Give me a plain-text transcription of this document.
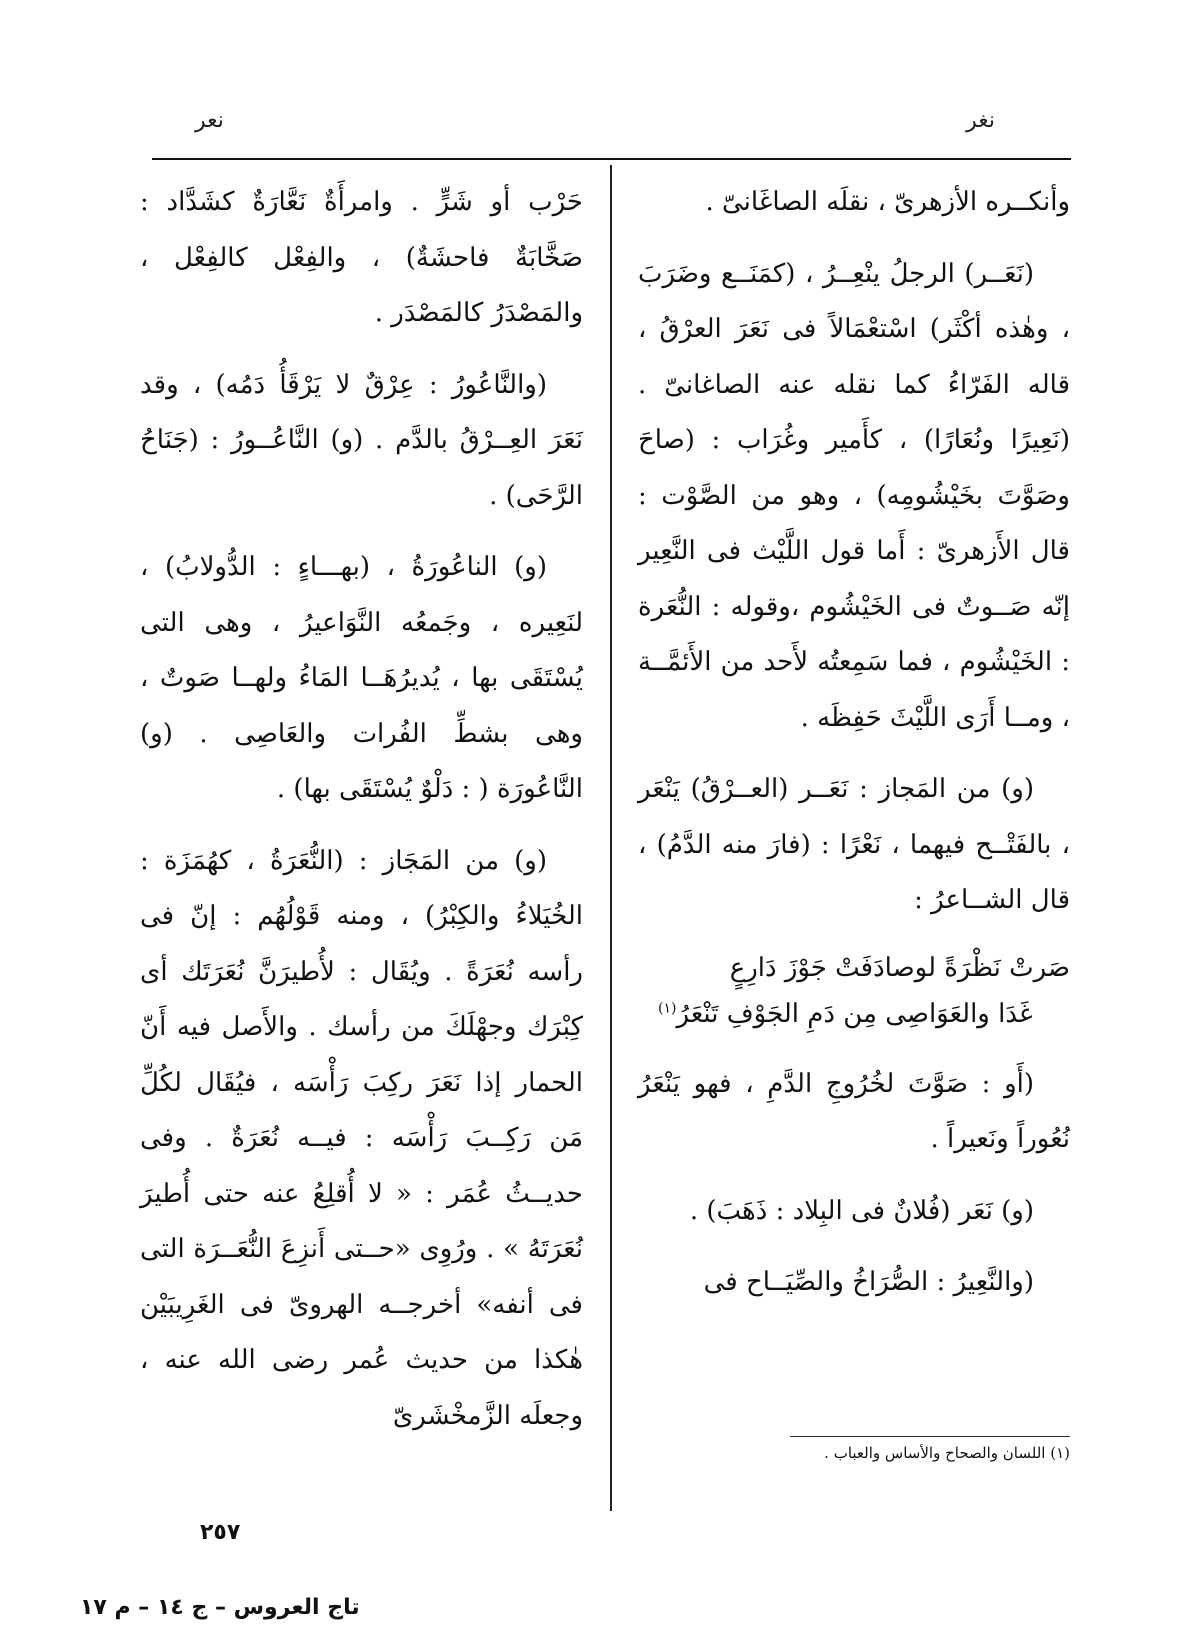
نغر
نعر

وأنكــره الأزهرىّ ، نقلَه الصاغَانىّ .

(نَعَــر) الرجلُ ينْعِــرُ ، (كمَنَــع وضَرَبَ ، وهٰذه أكْثَر) اسْتعْمَالاً فى نَعَرَ العرْقُ ، قاله الفَرّاءُ كما نقله عنه الصاغانىّ . (نَعِيرًا ونُعَارًا) ، كأَمير وغُرَاب : (صاحَ وصَوَّتَ بخَيْشُومِه) ، وهو من الصَّوْت : قال الأَزهرىّ : أَما قول اللَّيْث فى النَّعِير إنّه صَــوتٌ فى الخَيْشُوم ،وقوله : النُّعَرة : الخَيْشُوم ، فما سَمِعتُه لأَحد من الأَئمَّــة ، ومــا أَرَى اللَّيْثَ حَفِظَه .

(و) من المَجاز : نَعَــر (العــرْقُ) يَنْعَر ، بالفَتْــح فيهما ، نَعْرًا : (فارَ منه الدَّمُ) ، قال الشــاعرُ :

صَرتْ نَظْرَةً لوصادَفَتْ جَوْزَ دَارِعٍ
غَدَا والعَوَاصِى مِن دَمِ الجَوْفِ تَنْعَرُ$^{(١)}$

(أَو : صَوَّتَ لخُرُوجِ الدَّمِ ، فهو يَنْعَرُ نُعُوراً ونَعيراً .

(و) نَعَر (فُلانٌ فى البِلاد : ذَهَبَ) .

(والنَّعِيرُ : الصُّرَاخُ والصِّيَــاح فى

حَرْب أو شَرٍّ . وامرأَةٌ نَعَّارَةٌ كشَدَّاد : صَخَّابَةٌ فاحشَةٌ) ، والفِعْل كالفِعْل ، والمَصْدَرُ كالمَصْدَر .

(والنَّاعُورُ : عِرْقٌ لا يَرْقَأُ دَمُه) ، وقد نَعَرَ العِــرْقُ بالدَّم . (و) النَّاعُــورُ : (جَنَاحُ الرَّحَى) .

(و) الناعُورَةُ ، (بهـــاءٍ : الدُّولابُ) ، لنَعِيره ، وجَمعُه النَّوَاعيرُ ، وهى التى يُسْتَقَى بها ، يُديرُهَــا المَاءُ ولهــا صَوتٌ ، وهى بشطِّ الفُرات والعَاصِى . (و) النَّاعُورَة ( : دَلْوٌ يُسْتَقَى بها) .

(و) من المَجَاز : (النُّعَرَةُ ، كهُمَزَة : الخُيَلاءُ والكِبْرُ) ، ومنه قَوْلُهُم : إنّ فى رأسه نُعَرَةً . ويُقَال : لأُطيرَنَّ نُعَرَتَك أى كِبْرَك وجهْلَكَ من رأسك . والأَصل فيه أَنّ الحمار إذا نَعَرَ ركِبَ رَأْسَه ، فيُقَال لكُلِّ مَن رَكِــبَ رَأْسَه : فيــه نُعَرَةٌ . وفى حديــثُ عُمَر : « لا أُقلِعُ عنه حتى أُطيرَ نُعَرَتَهُ » . ورُوِى «حــتى أَنزِعَ النُّعَــرَة التى فى أنفه» أخرجــه الهروىّ فى الغَرِيبَيْن هٰكذا من حديث عُمر رضى الله عنه ، وجعلَه الزَّمخْشَرىّ

(١) اللسان والصحاح والأساس والعباب .
٢٥٧
تاج العروس – ج ١٤ – م ١٧
